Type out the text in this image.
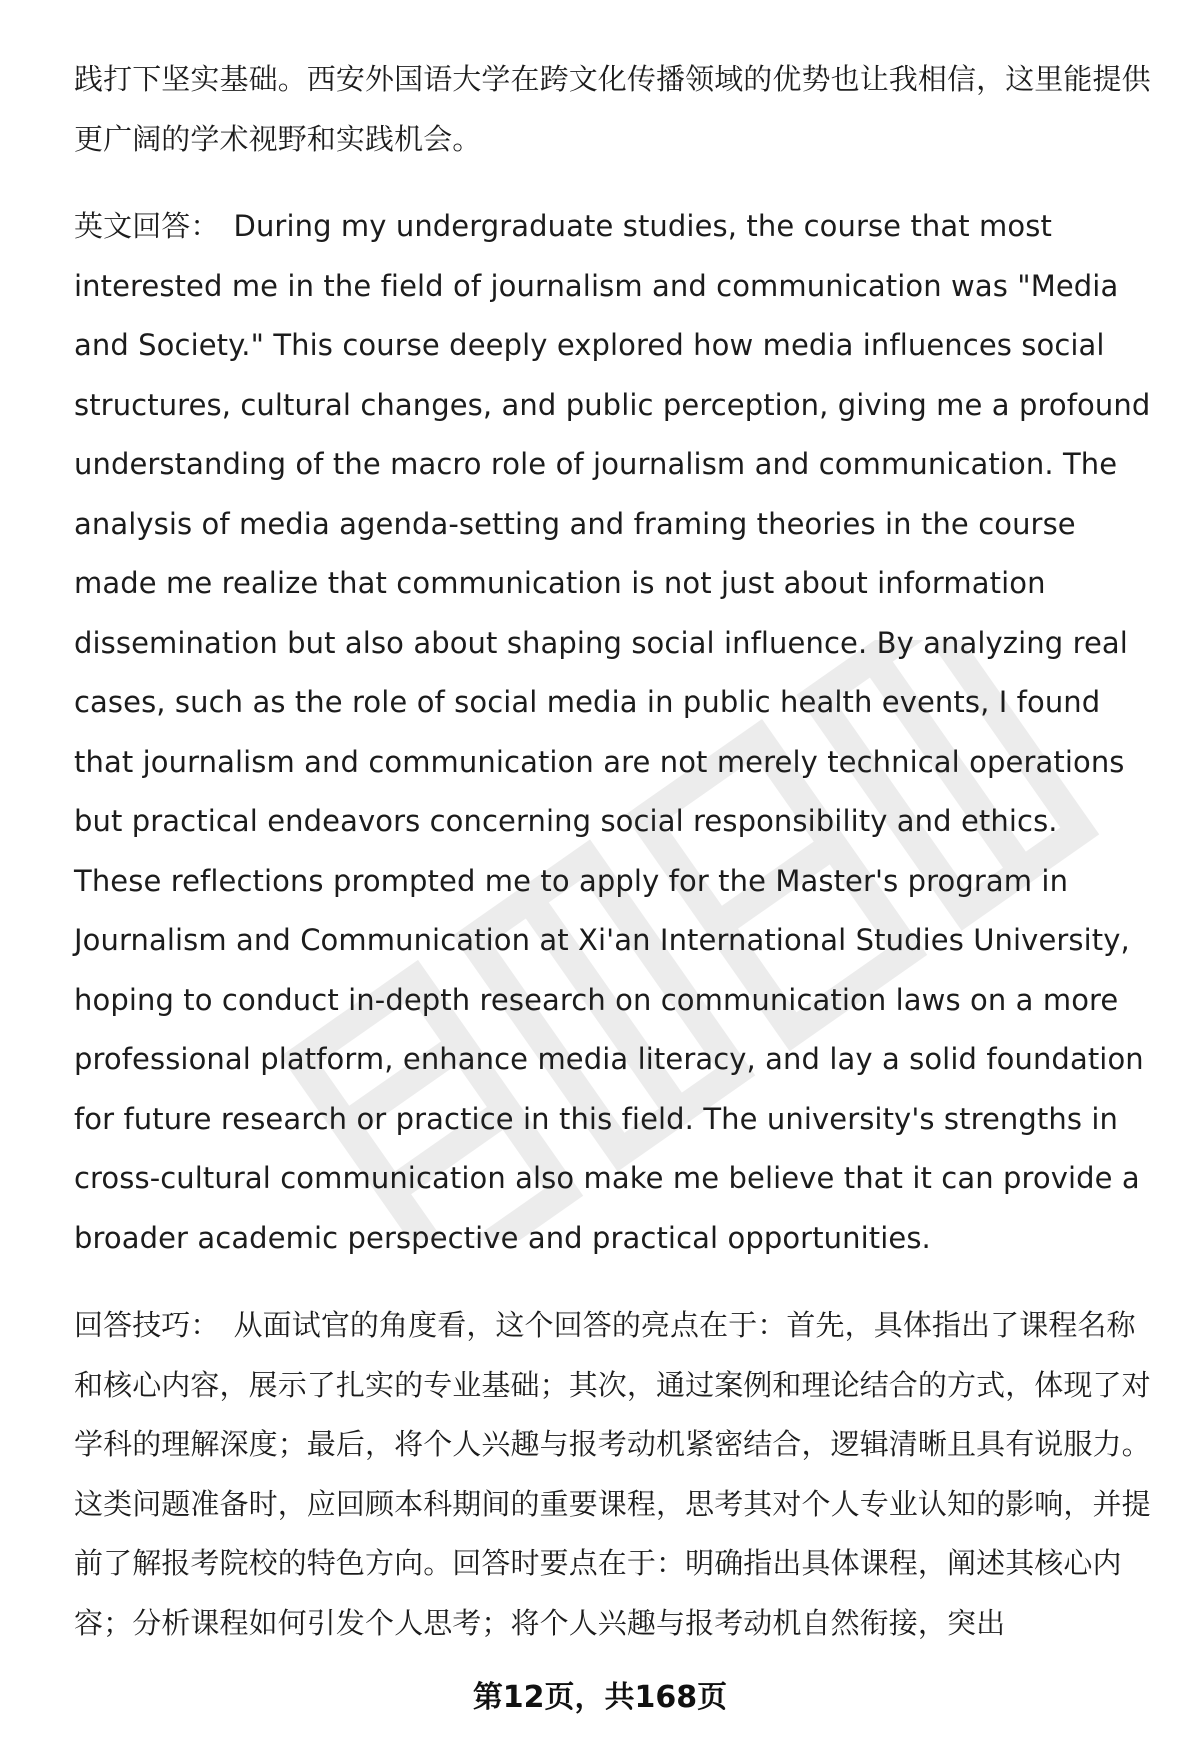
践打下坚实基础。西安外国语大学在跨文化传播领域的优势也让我相信，这里能提供更广阔的学术视野和实践机会。

英文回答： During my undergraduate studies, the course that most interested me in the field of journalism and communication was "Media and Society." This course deeply explored how media influences social structures, cultural changes, and public perception, giving me a profound understanding of the macro role of journalism and communication. The analysis of media agenda-setting and framing theories in the course made me realize that communication is not just about information dissemination but also about shaping social influence. By analyzing real cases, such as the role of social media in public health events, I found that journalism and communication are not merely technical operations but practical endeavors concerning social responsibility and ethics. These reflections prompted me to apply for the Master's program in Journalism and Communication at Xi'an International Studies University, hoping to conduct in-depth research on communication laws on a more professional platform, enhance media literacy, and lay a solid foundation for future research or practice in this field. The university's strengths in cross-cultural communication also make me believe that it can provide a broader academic perspective and practical opportunities.

回答技巧： 从面试官的角度看，这个回答的亮点在于：首先，具体指出了课程名称和核心内容，展示了扎实的专业基础；其次，通过案例和理论结合的方式，体现了对学科的理解深度；最后，将个人兴趣与报考动机紧密结合，逻辑清晰且具有说服力。这类问题准备时，应回顾本科期间的重要课程，思考其对个人专业认知的影响，并提前了解报考院校的特色方向。回答时要点在于：明确指出具体课程，阐述其核心内容；分析课程如何引发个人思考；将个人兴趣与报考动机自然衔接，突出

第12页，共168页
